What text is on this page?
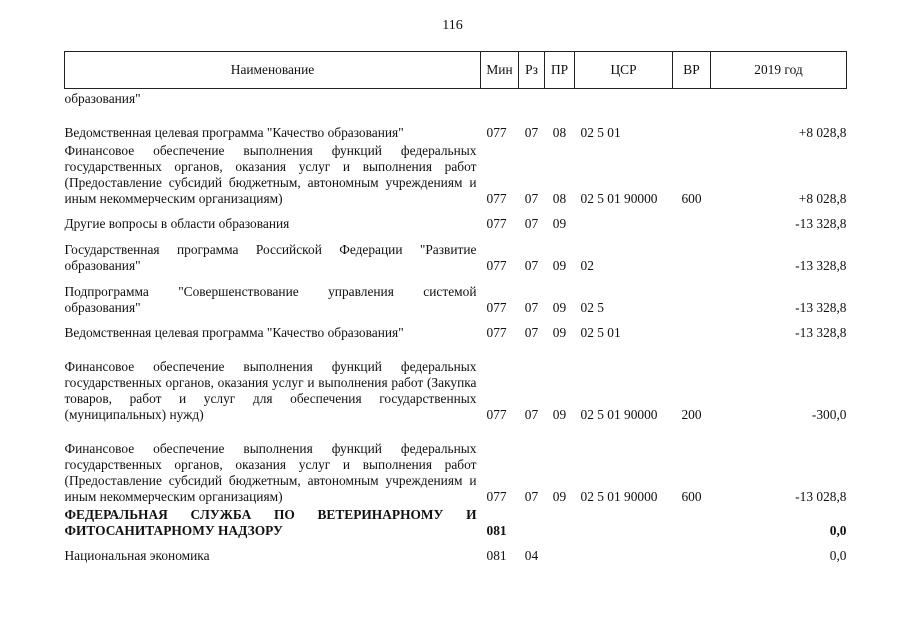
116
Наименование	Мин	Рз	ПР	ЦСР	ВР	2019 год
образования"						
Ведомственная целевая программа "Качество образования"	077	07	08	02 5 01		+8 028,8
Финансовое обеспечение выполнения функций федеральных государственных органов, оказания услуг и выполнения работ (Предоставление субсидий бюджетным, автономным учреждениям и иным некоммерческим организациям)	077	07	08	02 5 01 90000	600	+8 028,8
Другие вопросы в области образования	077	07	09			-13 328,8
Государственная программа Российской Федерации "Развитие образования"	077	07	09	02		-13 328,8
Подпрограмма "Совершенствование управления системой образования"	077	07	09	02 5		-13 328,8
Ведомственная целевая программа "Качество образования"	077	07	09	02 5 01		-13 328,8
Финансовое обеспечение выполнения функций федеральных государственных органов, оказания услуг и выполнения работ (Закупка товаров, работ и услуг для обеспечения государственных (муниципальных) нужд)	077	07	09	02 5 01 90000	200	-300,0
Финансовое обеспечение выполнения функций федеральных государственных органов, оказания услуг и выполнения работ (Предоставление субсидий бюджетным, автономным учреждениям и иным некоммерческим организациям)	077	07	09	02 5 01 90000	600	-13 028,8
ФЕДЕРАЛЬНАЯ СЛУЖБА ПО ВЕТЕРИНАРНОМУ И ФИТОСАНИТАРНОМУ НАДЗОРУ	081					0,0
Национальная экономика	081	04				0,0
